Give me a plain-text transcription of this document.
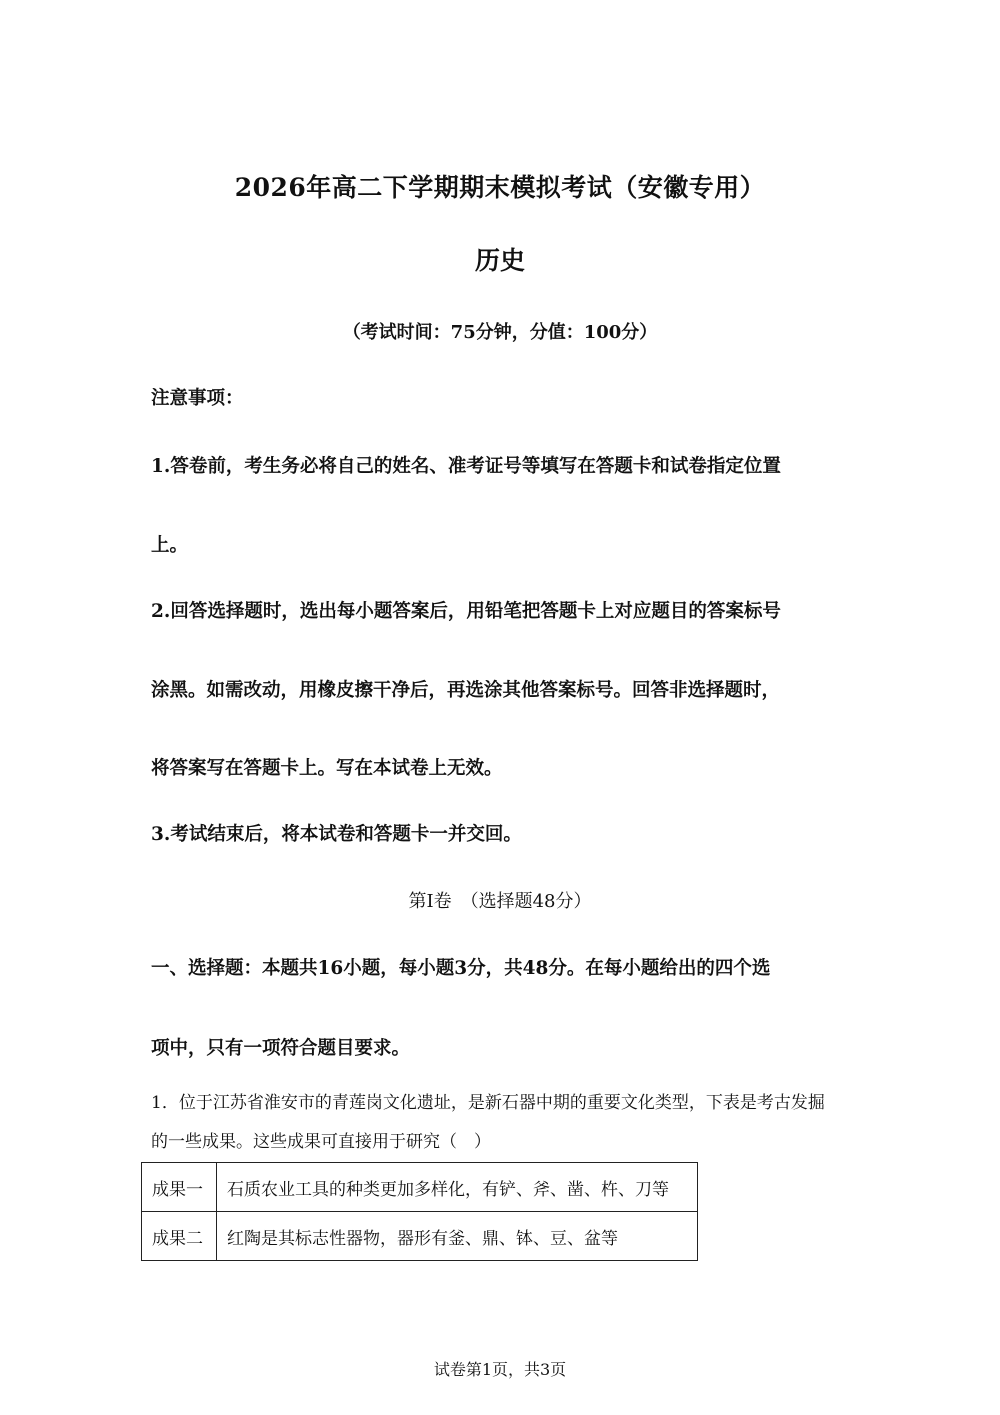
2026年高二下学期期末模拟考试（安徽专用）
历史
（考试时间：75分钟，分值：100分）
注意事项：
1.答卷前，考生务必将自己的姓名、准考证号等填写在答题卡和试卷指定位置
上。
2.回答选择题时，选出每小题答案后，用铅笔把答题卡上对应题目的答案标号
涂黑。如需改动，用橡皮擦干净后，再选涂其他答案标号。回答非选择题时，
将答案写在答题卡上。写在本试卷上无效。
3.考试结束后，将本试卷和答题卡一并交回。
第Ⅰ卷　（选择题48分）
一、选择题：本题共16小题，每小题3分，共48分。在每小题给出的四个选
项中，只有一项符合题目要求。
1．位于江苏省淮安市的青莲岗文化遗址，是新石器中期的重要文化类型，下表是考古发掘
的一些成果。这些成果可直接用于研究（　）
成果一	石质农业工具的种类更加多样化，有铲、斧、凿、杵、刀等
成果二	红陶是其标志性器物，器形有釜、鼎、钵、豆、盆等
试卷第1页，共3页
